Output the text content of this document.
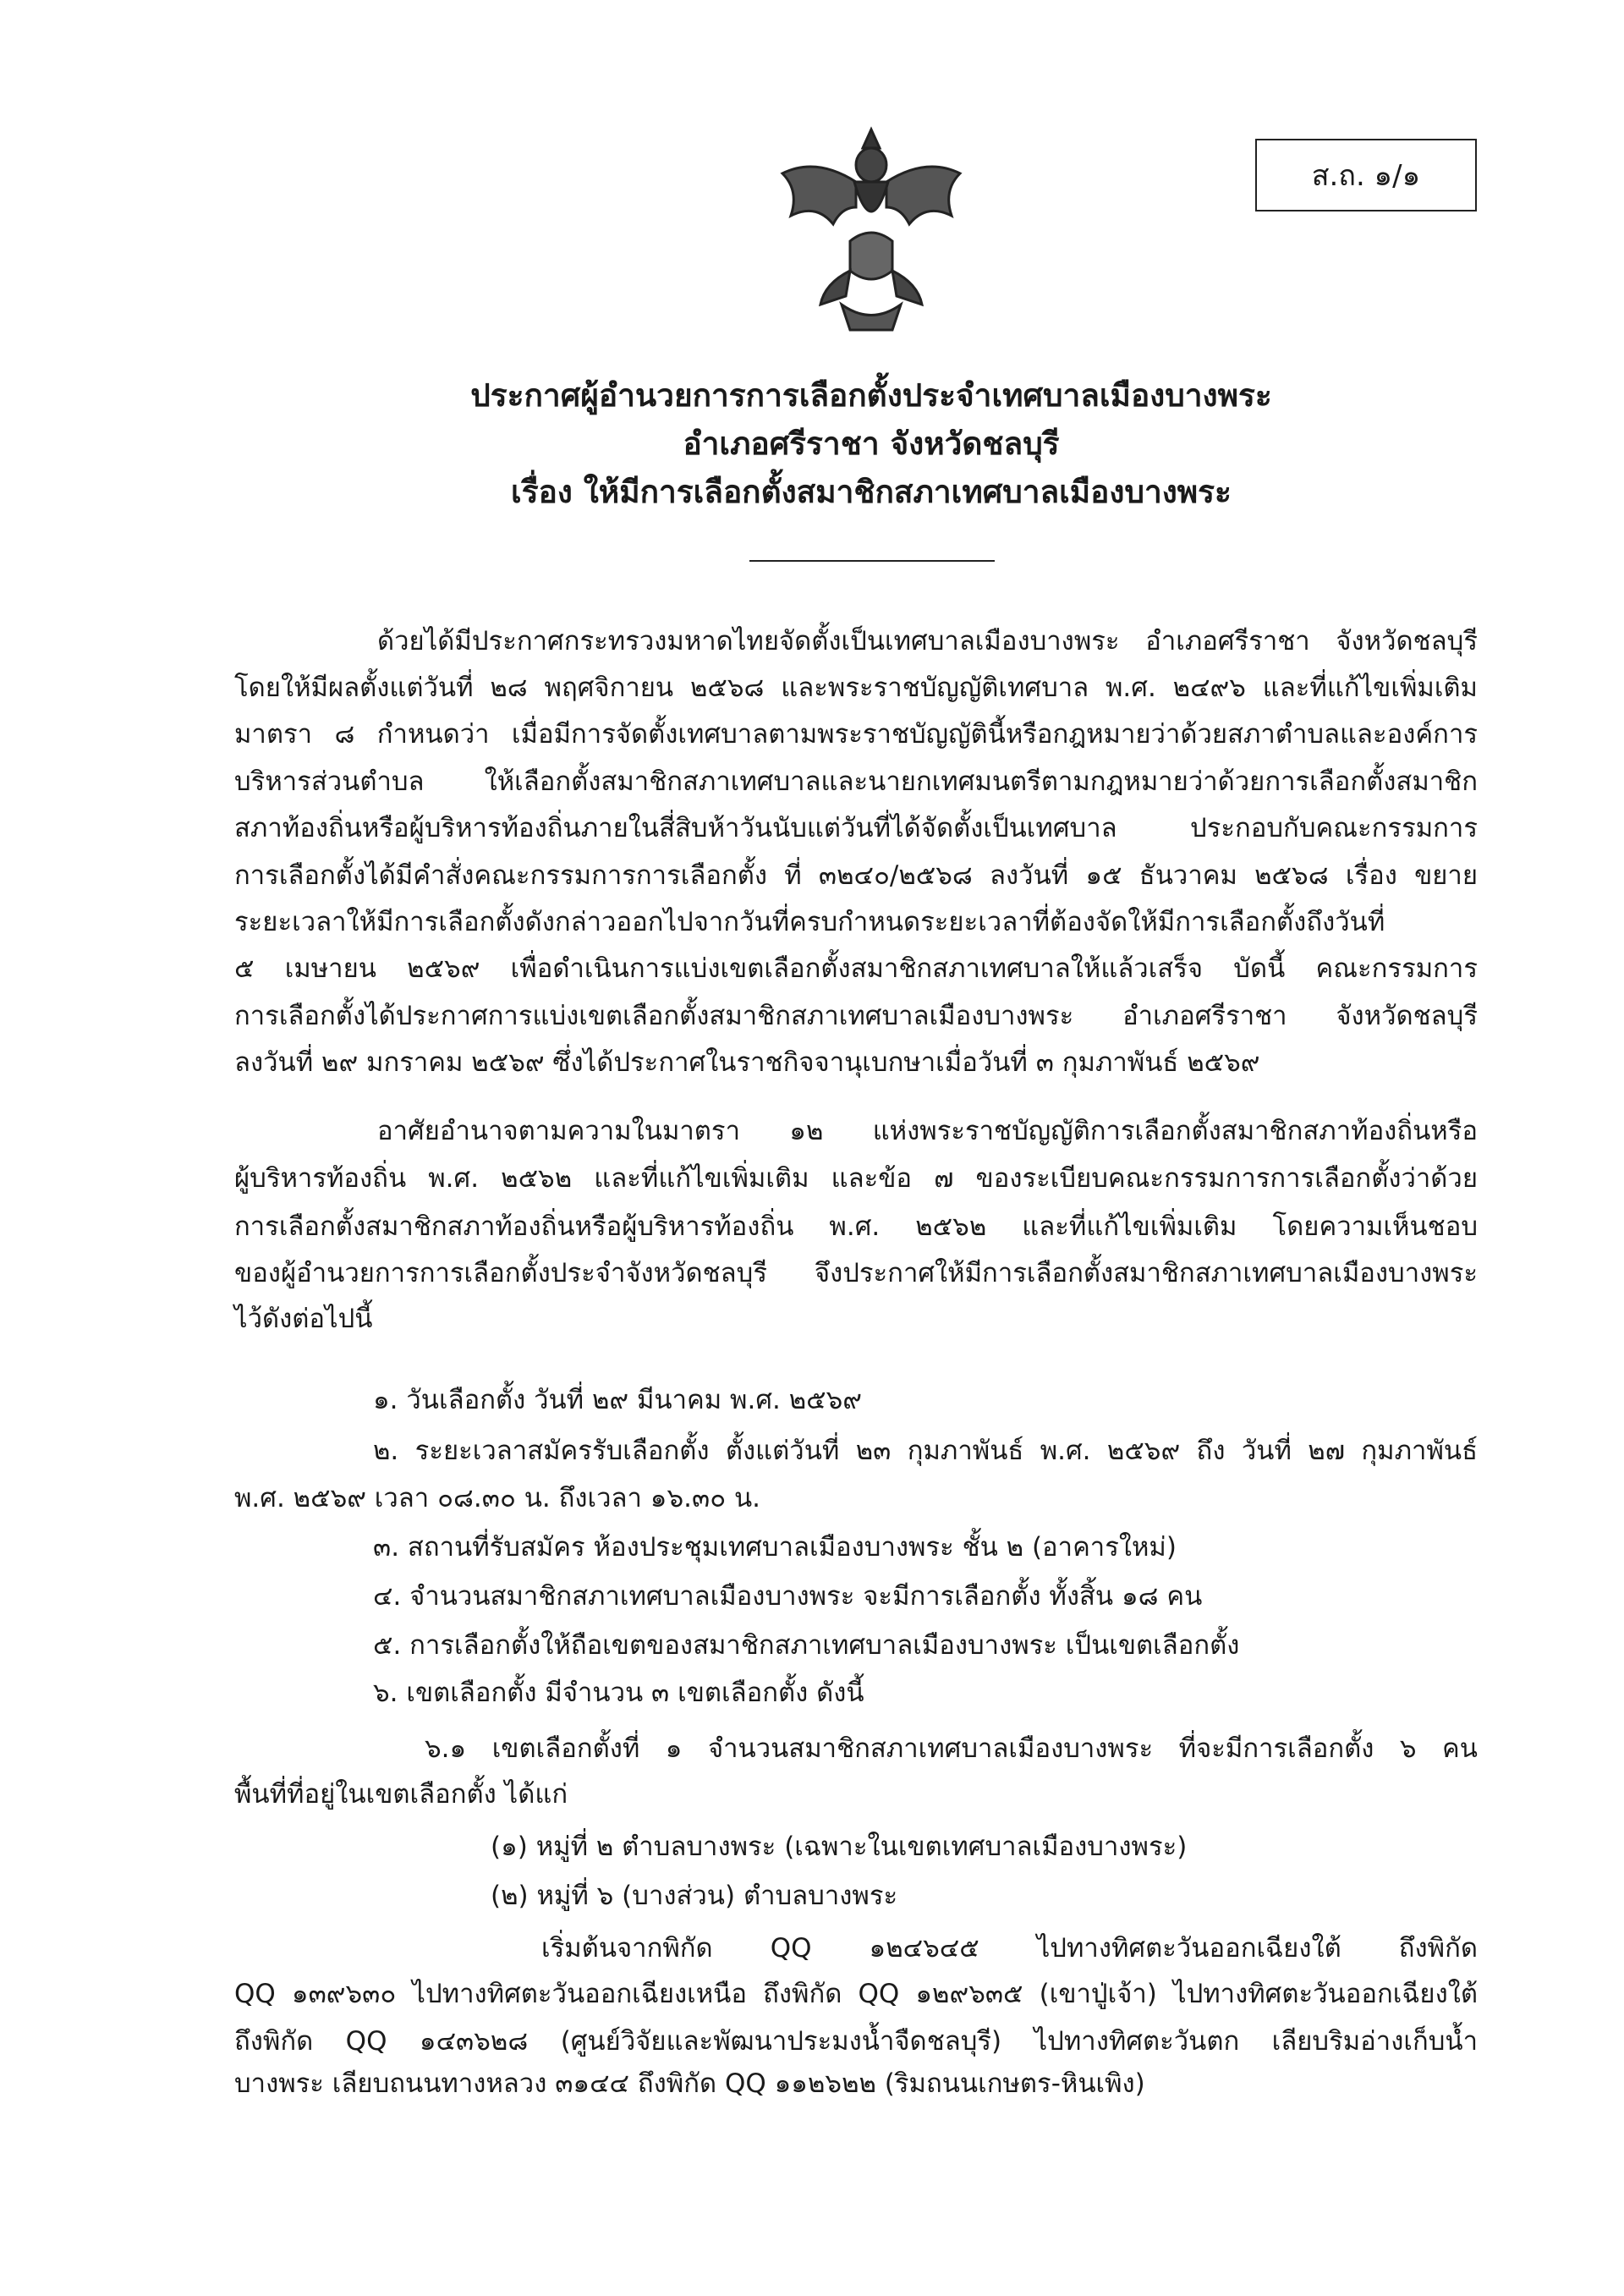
ส.ถ. ๑/๑
ประกาศผู้อำนวยการการเลือกตั้งประจำเทศบาลเมืองบางพระ
อำเภอศรีราชา จังหวัดชลบุรี
เรื่อง ให้มีการเลือกตั้งสมาชิกสภาเทศบาลเมืองบางพระ
ด้วยได้มีประกาศกระทรวงมหาดไทยจัดตั้งเป็นเทศบาลเมืองบางพระ อำเภอศรีราชา จังหวัดชลบุรี
โดยให้มีผลตั้งแต่วันที่ ๒๘ พฤศจิกายน ๒๕๖๘ และพระราชบัญญัติเทศบาล พ.ศ. ๒๔๙๖ และที่แก้ไขเพิ่มเติม
มาตรา ๘ กำหนดว่า เมื่อมีการจัดตั้งเทศบาลตามพระราชบัญญัตินี้หรือกฎหมายว่าด้วยสภาตำบลและองค์การ
บริหารส่วนตำบล ให้เลือกตั้งสมาชิกสภาเทศบาลและนายกเทศมนตรีตามกฎหมายว่าด้วยการเลือกตั้งสมาชิก
สภาท้องถิ่นหรือผู้บริหารท้องถิ่นภายในสี่สิบห้าวันนับแต่วันที่ได้จัดตั้งเป็นเทศบาล ประกอบกับคณะกรรมการ
การเลือกตั้งได้มีคำสั่งคณะกรรมการการเลือกตั้ง ที่ ๓๒๔๐/๒๕๖๘ ลงวันที่ ๑๕ ธันวาคม ๒๕๖๘ เรื่อง ขยาย
ระยะเวลาให้มีการเลือกตั้งดังกล่าวออกไปจากวันที่ครบกำหนดระยะเวลาที่ต้องจัดให้มีการเลือกตั้งถึงวันที่
๕ เมษายน ๒๕๖๙ เพื่อดำเนินการแบ่งเขตเลือกตั้งสมาชิกสภาเทศบาลให้แล้วเสร็จ บัดนี้ คณะกรรมการ
การเลือกตั้งได้ประกาศการแบ่งเขตเลือกตั้งสมาชิกสภาเทศบาลเมืองบางพระ อำเภอศรีราชา จังหวัดชลบุรี
ลงวันที่ ๒๙ มกราคม ๒๕๖๙ ซึ่งได้ประกาศในราชกิจจานุเบกษาเมื่อวันที่ ๓ กุมภาพันธ์ ๒๕๖๙
อาศัยอำนาจตามความในมาตรา ๑๒ แห่งพระราชบัญญัติการเลือกตั้งสมาชิกสภาท้องถิ่นหรือ
ผู้บริหารท้องถิ่น พ.ศ. ๒๕๖๒ และที่แก้ไขเพิ่มเติม และข้อ ๗ ของระเบียบคณะกรรมการการเลือกตั้งว่าด้วย
การเลือกตั้งสมาชิกสภาท้องถิ่นหรือผู้บริหารท้องถิ่น พ.ศ. ๒๕๖๒ และที่แก้ไขเพิ่มเติม โดยความเห็นชอบ
ของผู้อำนวยการการเลือกตั้งประจำจังหวัดชลบุรี จึงประกาศให้มีการเลือกตั้งสมาชิกสภาเทศบาลเมืองบางพระ
ไว้ดังต่อไปนี้
๑. วันเลือกตั้ง วันที่ ๒๙ มีนาคม พ.ศ. ๒๕๖๙
๒. ระยะเวลาสมัครรับเลือกตั้ง ตั้งแต่วันที่ ๒๓ กุมภาพันธ์ พ.ศ. ๒๕๖๙ ถึง วันที่ ๒๗ กุมภาพันธ์
พ.ศ. ๒๕๖๙ เวลา ๐๘.๓๐ น. ถึงเวลา ๑๖.๓๐ น.
๓. สถานที่รับสมัคร ห้องประชุมเทศบาลเมืองบางพระ ชั้น ๒ (อาคารใหม่)
๔. จำนวนสมาชิกสภาเทศบาลเมืองบางพระ จะมีการเลือกตั้ง ทั้งสิ้น ๑๘ คน
๕. การเลือกตั้งให้ถือเขตของสมาชิกสภาเทศบาลเมืองบางพระ เป็นเขตเลือกตั้ง
๖. เขตเลือกตั้ง มีจำนวน ๓ เขตเลือกตั้ง ดังนี้
๖.๑ เขตเลือกตั้งที่ ๑ จำนวนสมาชิกสภาเทศบาลเมืองบางพระ ที่จะมีการเลือกตั้ง ๖ คน
พื้นที่ที่อยู่ในเขตเลือกตั้ง ได้แก่
(๑) หมู่ที่ ๒ ตำบลบางพระ (เฉพาะในเขตเทศบาลเมืองบางพระ)
(๒) หมู่ที่ ๖ (บางส่วน) ตำบลบางพระ
เริ่มต้นจากพิกัด QQ ๑๒๔๖๔๕ ไปทางทิศตะวันออกเฉียงใต้ ถึงพิกัด
QQ ๑๓๙๖๓๐ ไปทางทิศตะวันออกเฉียงเหนือ ถึงพิกัด QQ ๑๒๙๖๓๕ (เขาปู่เจ้า) ไปทางทิศตะวันออกเฉียงใต้
ถึงพิกัด QQ ๑๔๓๖๒๘ (ศูนย์วิจัยและพัฒนาประมงน้ำจืดชลบุรี) ไปทางทิศตะวันตก เลียบริมอ่างเก็บน้ำ
บางพระ เลียบถนนทางหลวง ๓๑๔๔ ถึงพิกัด QQ ๑๑๒๖๒๒ (ริมถนนเกษตร-หินเพิง)
